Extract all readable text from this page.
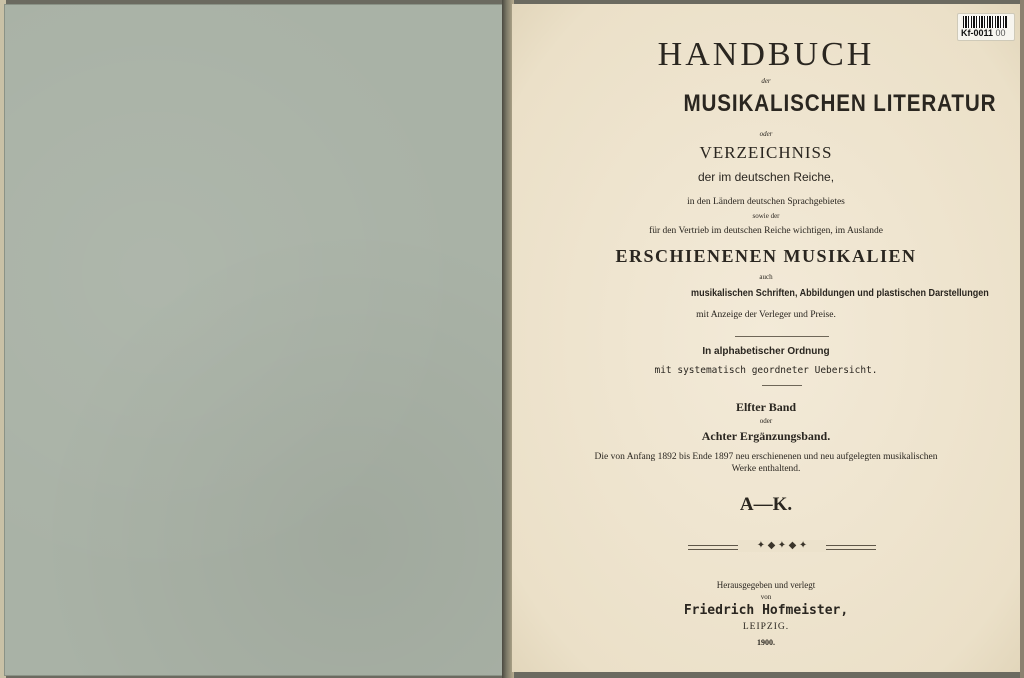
Kf-0011 00
HANDBUCH
der
MUSIKALISCHEN LITERATUR
oder
VERZEICHNISS
der im deutschen Reiche,
in den Ländern deutschen Sprachgebietes
sowie der
für den Vertrieb im deutschen Reiche wichtigen, im Auslande
ERSCHIENENEN MUSIKALIEN
auch
musikalischen Schriften, Abbildungen und plastischen Darstellungen
mit Anzeige der Verleger und Preise.
In alphabetischer Ordnung
mit systematisch geordneter Uebersicht.
Elfter Band
oder
Achter Ergänzungsband.
Die von Anfang 1892 bis Ende 1897 neu erschienenen und neu aufgelegten musikalischen
Werke enthaltend.
A—K.
✦ ◆ ✦ ◆ ✦
Herausgegeben und verlegt
von
Friedrich Hofmeister,
LEIPZIG.
1900.
